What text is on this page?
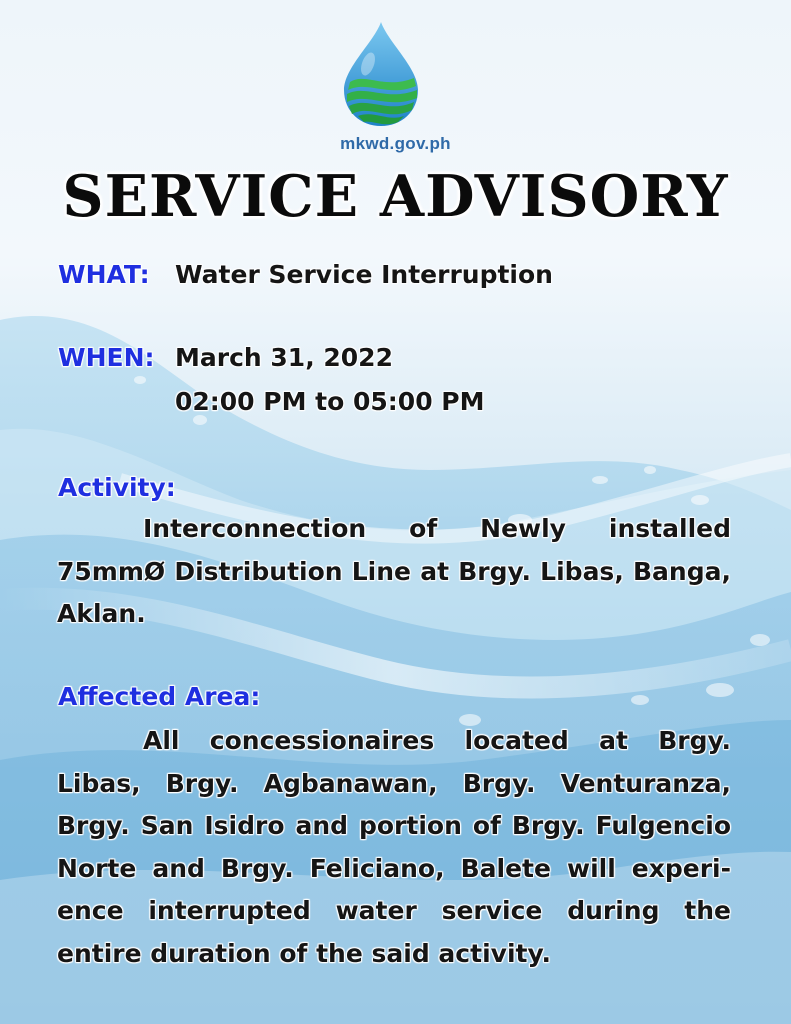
mkwd.gov.ph
SERVICE ADVISORY
WHAT: Water Service Interruption
WHEN: March 31, 2022
02:00 PM to 05:00 PM
Activity:
Interconnection of Newly installed 75mmØ Distribution Line at Brgy. Libas, Banga, Aklan.
Affected Area:
All concessionaires located at Brgy. Libas, Brgy. Agbanawan, Brgy. Venturanza, Brgy. San Isidro and portion of Brgy. Fulgencio Norte and Brgy. Feliciano, Balete will experi-ence interrupted water service during the entire duration of the said activity.
